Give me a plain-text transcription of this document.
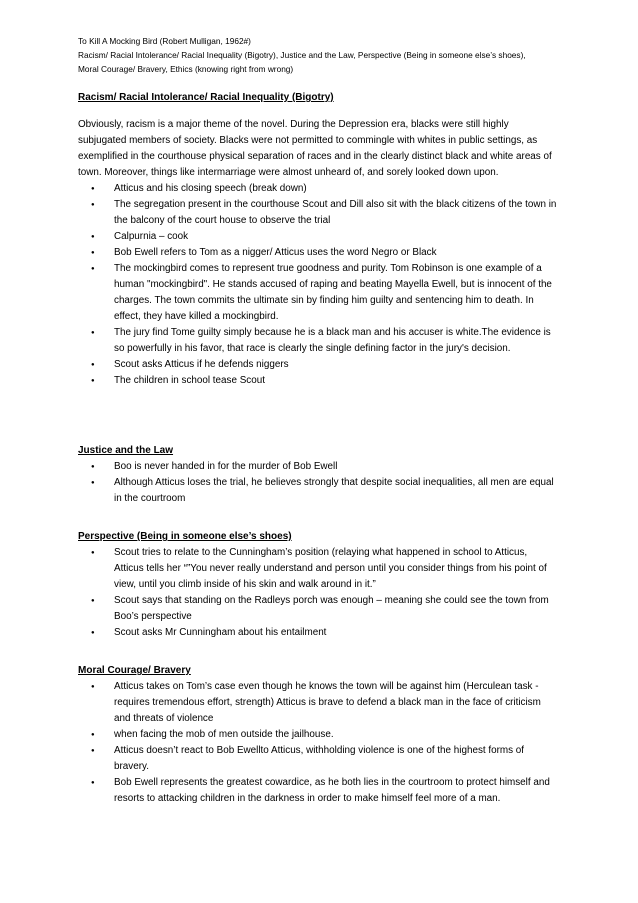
To Kill A Mocking Bird (Robert Mulligan, 1962#)

Racism/ Racial Intolerance/ Racial Inequality (Bigotry), Justice and the Law, Perspective (Being in someone else’s shoes),

Moral Courage/ Bravery, Ethics (knowing right from wrong)

Racism/ Racial Intolerance/ Racial Inequality (Bigotry)

Obviously, racism is a major theme of the novel. During the Depression era, blacks were still highly subjugated members of society. Blacks were not permitted to commingle with whites in public settings, as exemplified in the courthouse physical separation of races and in the clearly distinct black and white areas of town. Moreover, things like intermarriage were almost unheard of, and sorely looked down upon.

● Atticus and his closing speech (break down)
● The segregation present in the courthouse Scout and Dill also sit with the black citizens of the town in the balcony of the court house to observe the trial
● Calpurnia – cook
● Bob Ewell refers to Tom as a nigger/ Atticus uses the word Negro or Black
● The mockingbird comes to represent true goodness and purity. Tom Robinson is one example of a human "mockingbird". He stands accused of raping and beating Mayella Ewell, but is innocent of the charges. The town commits the ultimate sin by finding him guilty and sentencing him to death. In effect, they have killed a mockingbird.
● The jury find Tome guilty simply because he is a black man and his accuser is white.The evidence is so powerfully in his favor, that race is clearly the single defining factor in the jury's decision.
● Scout asks Atticus if he defends niggers
● The children in school tease Scout

Justice and the Law

● Boo is never handed in for the murder of Bob Ewell
● Although Atticus loses the trial, he believes strongly that despite social inequalities, all men are equal in the courtroom

Perspective (Being in someone else’s shoes)

● Scout tries to relate to the Cunningham’s position (relaying what happened in school to Atticus, Atticus tells her “”You never really understand and person until you consider things from his point of view, until you climb inside of his skin and walk around in it.”
● Scout says that standing on the Radleys porch was enough – meaning she could see the town from Boo’s perspective
● Scout asks Mr Cunningham about his entailment

Moral Courage/ Bravery

● Atticus takes on Tom’s case even though he knows the town will be against him (Herculean task - requires tremendous effort, strength) Atticus is brave to defend a black man in the face of criticism and threats of violence
● when facing the mob of men outside the jailhouse.
● Atticus doesn’t react to Bob Ewellto Atticus, withholding violence is one of the highest forms of bravery.
● Bob Ewell represents the greatest cowardice, as he both lies in the courtroom to protect himself and resorts to attacking children in the darkness in order to make himself feel more of a man.
